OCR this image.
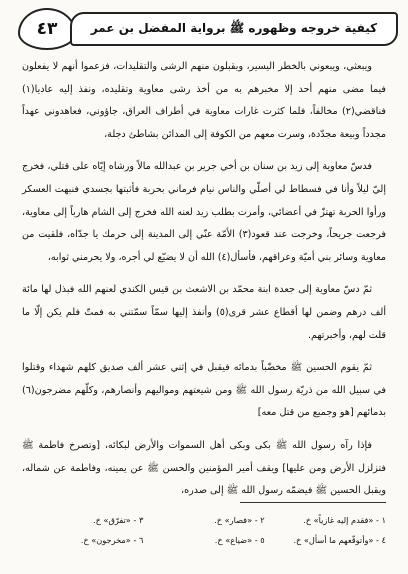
٤٣	كيفية خروجه وظهوره ﷺ برواية المفضل بن عمر

ويبعثي، ويبعوني بالخطر اليسير، ويقبلون منهم الرشى والتقليدات، فزعموا أنهم لا يفعلون فيما مضى منهم أحد إلا مخبرهم به من أخذ رشى معاوية وتقليده، ونفذ إليه عاديا(١) فناقضي(٢) مخالفاً، فلما كثرت غارات معاوية في أطراف العراق، جاؤوني، فعاهدوني عهداً مجدداً وبيعة مجدّدة، وسرت معهم من الكوفة إلى المدائن بشاطئ دجلة،

فدسّ معاوية إلى زيد بن سنان بن أخي جرير بن عبدالله مالاً ورشاه إيّاه على قتلي، فخرج إليّ ليلاً وأنا في فسطاط لي أصلّي والناس نيام فرماني بحربة فأثبتها بجسدي فنبهت العسكر ورأوا الحربة تهتزّ في أعضائي، وأمرت بطلب زيد لعنه الله فخرج إلى الشام هارباً إلى معاوية، فرجعت جريحاً، وخرجت عند قعود(٣) الأمّة عنّي إلى المدينة إلى حرمك يا جدّاه، فلقيت من معاوية وسائر بني أميّة وعراقهم، فأسأل(٤) الله أن لا يضيّع لي أجره، ولا يحرمني ثوابه،

ثمّ دسّ معاوية إلى جعدة ابنة محمّد بن الاشعث بن قيس الكندي لعنهم الله فبذل لها مائة ألف درهم وضمن لها أقطاع عشر قرى(٥) وأنفذ إليها سمّاً سمّتني به فمتّ فلم يكن إلّا ما قلت لهم، وأخبرتهم.

ثمّ يقوم الحسين ﷺ مخضّباً بدمائه فيقبل في إثني عشر ألف صديق كلهم شهداء وقتلوا في سبيل الله من ذريّة رسول الله ﷺ ومن شيعتهم ومواليهم وأنصارهم، وكلّهم مضرجون(٦) بدمائهم [هو وجميع من قتل معه]

فإذا رآه رسول الله ﷺ بكى وبكى أهل السموات والأرض لبكائه، [وتصرخ فاطمة ﷺ فتزلزل الأرض ومن عليها] ويقف أمير المؤمنين والحسن ﷺ عن يمينه، وفاطمة عن شماله، ويقبل الحسين ﷺ فيضمّه رسول الله ﷺ إلى صدره،

١ - «فقدم إليه غازياً» خ.
٢ - «فصار» خ.
٣ - «تفرّق» خ.
٤ - «وأتوقّعهم ما أسأل» خ.
٥ - «ضياع» خ.
٦ - «مخرجون» خ.
